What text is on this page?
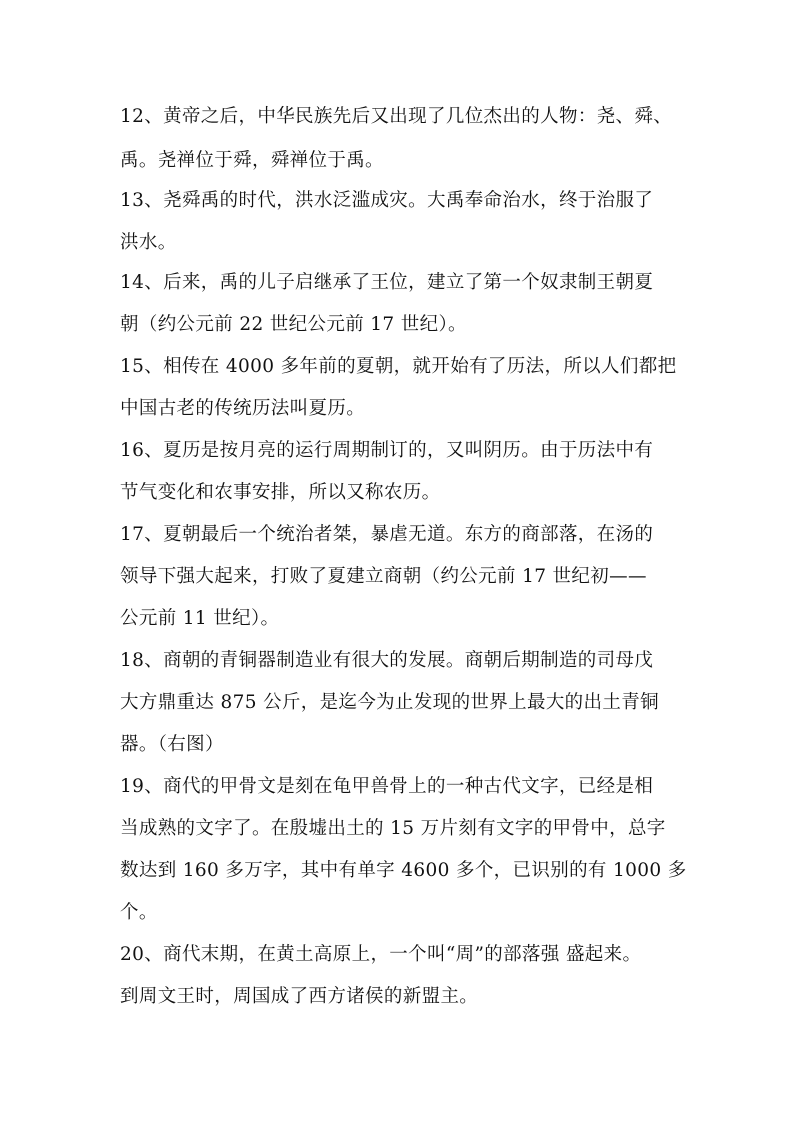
12、黄帝之后，中华民族先后又出现了几位杰出的人物：尧、舜、
禹。尧禅位于舜，舜禅位于禹。
13、尧舜禹的时代，洪水泛滥成灾。大禹奉命治水，终于治服了
洪水。
14、后来，禹的儿子启继承了王位，建立了第一个奴隶制王朝夏
朝（约公元前 22 世纪公元前 17 世纪）。
15、相传在 4000 多年前的夏朝，就开始有了历法，所以人们都把
中国古老的传统历法叫夏历。
16、夏历是按月亮的运行周期制订的，又叫阴历。由于历法中有
节气变化和农事安排，所以又称农历。
17、夏朝最后一个统治者桀，暴虐无道。东方的商部落，在汤的
领导下强大起来，打败了夏建立商朝（约公元前 17 世纪初——
公元前 11 世纪）。
18、商朝的青铜器制造业有很大的发展。商朝后期制造的司母戊
大方鼎重达 875 公斤，是迄今为止发现的世界上最大的出土青铜
器。（右图）
19、商代的甲骨文是刻在龟甲兽骨上的一种古代文字，已经是相
当成熟的文字了。在殷墟出土的 15 万片刻有文字的甲骨中，总字
数达到 160 多万字，其中有单字 4600 多个，已识别的有 1000 多
个。
20、商代末期，在黄土高原上，一个叫“周”的部落强 盛起来。
到周文王时，周国成了西方诸侯的新盟主。
